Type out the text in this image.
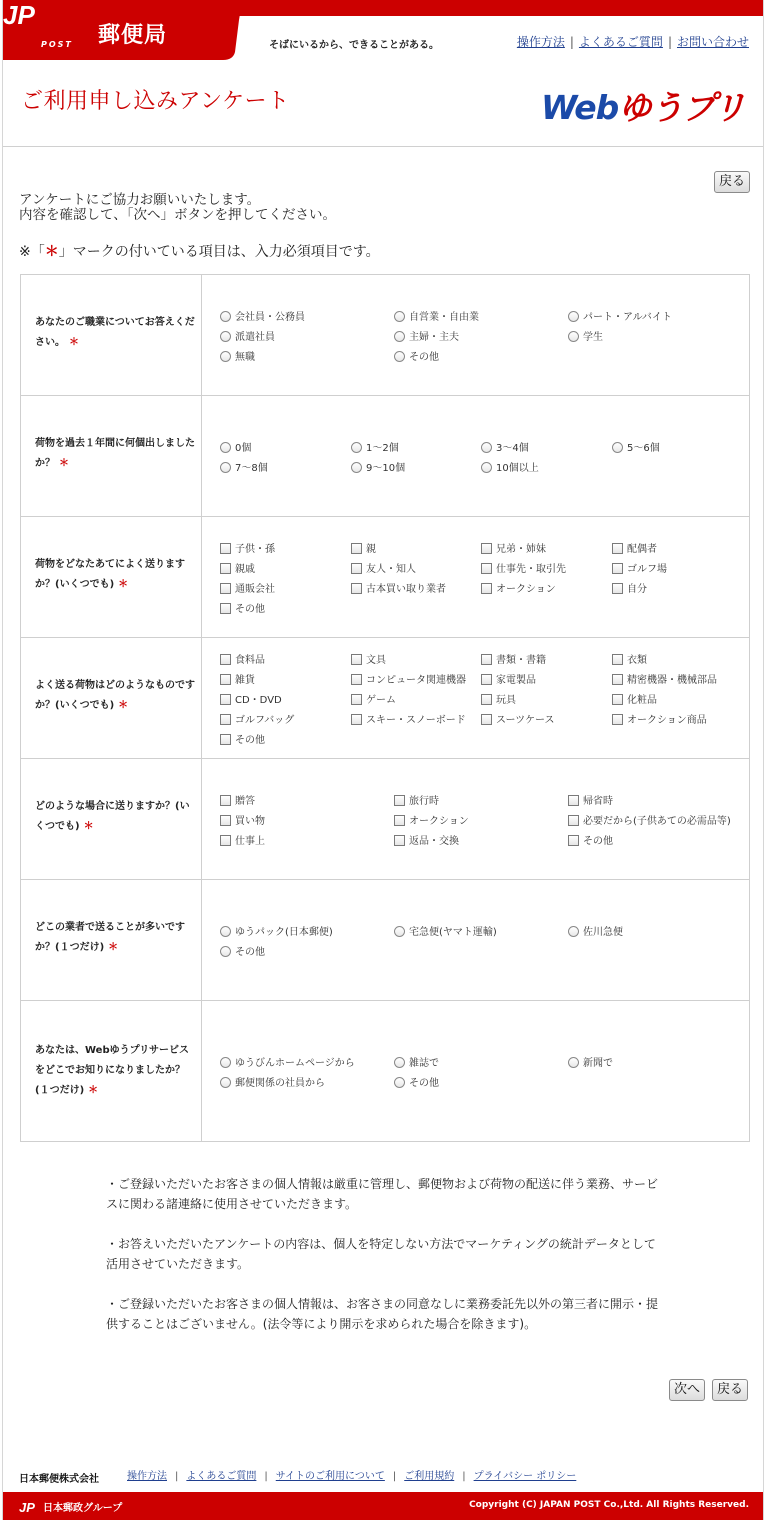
JP
POST 郵便局	そばにいるから、できることがある。	操作方法 | よくあるご質問 | お問い合わせ
ご利用申し込みアンケート	Webゆうプリ
戻る
アンケートにご協力お願いいたします。
内容を確認して、「次へ」ボタンを押してください。
※「＊」マークの付いている項目は、入力必須項目です。
あなたのご職業についてお答えください。 ＊
会社員・公務員	自営業・自由業	パート・アルバイト
派遣社員	主婦・主夫	学生
無職	その他
荷物を過去１年間に何個出しましたか？ ＊
0個	1～2個	3～4個	5～6個
7～8個	9～10個	10個以上
荷物をどなたあてによく送りますか？(いくつでも) ＊
子供・孫	親	兄弟・姉妹	配偶者
親戚	友人・知人	仕事先・取引先	ゴルフ場
通販会社	古本買い取り業者	オークション	自分
その他
よく送る荷物はどのようなものですか？(いくつでも) ＊
食料品	文具	書類・書籍	衣類
雑貨	コンピュータ関連機器	家電製品	精密機器・機械部品
CD・DVD	ゲーム	玩具	化粧品
ゴルフバッグ	スキー・スノーボード	スーツケース	オークション商品
その他
どのような場合に送りますか？(いくつでも) ＊
贈答	旅行時	帰省時
買い物	オークション	必要だから(子供あての必需品等)
仕事上	返品・交換	その他
どこの業者で送ることが多いですか？(１つだけ) ＊
ゆうパック(日本郵便)	宅急便(ヤマト運輸)	佐川急便
その他
あなたは、Webゆうプリサービスをどこでお知りになりましたか？(１つだけ) ＊
ゆうびんホームページから	雑誌で	新聞で
郵便関係の社員から	その他

・ご登録いただいたお客さまの個人情報は厳重に管理し、郵便物および荷物の配送に伴う業務、サービスに関わる諸連絡に使用させていただきます。

・お答えいただいたアンケートの内容は、個人を特定しない方法でマーケティングの統計データとして活用させていただきます。

・ご登録いただいたお客さまの個人情報は、お客さまの同意なしに業務委託先以外の第三者に開示・提供することはございません。(法令等により開示を求められた場合を除きます)。

次へ	戻る
日本郵便株式会社	操作方法 | よくあるご質問 | サイトのご利用について | ご利用規約 | プライバシー ポリシー
JP 日本郵政グループ	Copyright (C) JAPAN POST Co.,Ltd. All Rights Reserved.
